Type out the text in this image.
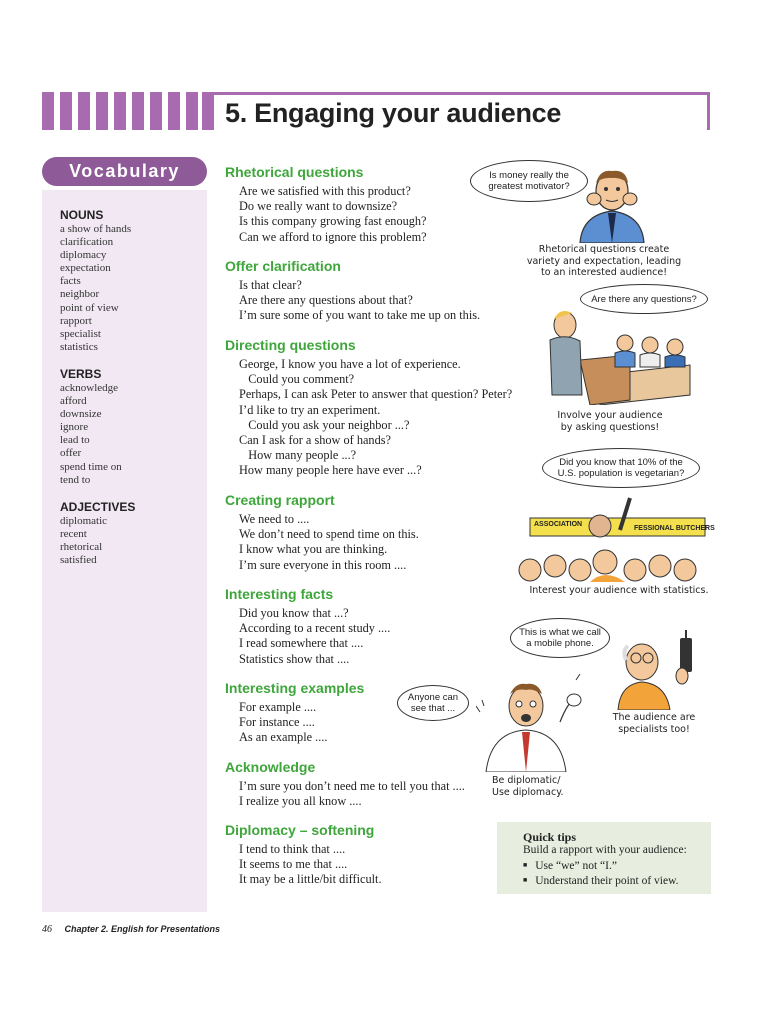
5. Engaging your audience
Vocabulary
NOUNS
a show of hands
clarification
diplomacy
expectation
facts
neighbor
point of view
rapport
specialist
statistics
VERBS
acknowledge
afford
downsize
ignore
lead to
offer
spend time on
tend to
ADJECTIVES
diplomatic
recent
rhetorical
satisfied
Rhetorical questions
Are we satisfied with this product?
Do we really want to downsize?
Is this company growing fast enough?
Can we afford to ignore this problem?
Offer clarification
Is that clear?
Are there any questions about that?
I’m sure some of you want to take me up on this.
Directing questions
George, I know you have a lot of experience.
Could you comment?
Perhaps, I can ask Peter to answer that question? Peter?
I’d like to try an experiment.
Could you ask your neighbor ...?
Can I ask for a show of hands?
How many people ...?
How many people here have ever ...?
Creating rapport
We need to ....
We don’t need to spend time on this.
I know what you are thinking.
I’m sure everyone in this room ....
Interesting facts
Did you know that ...?
According to a recent study ....
I read somewhere that ....
Statistics show that ....
Interesting examples
For example ....
For instance ....
As an example ....
Acknowledge
I’m sure you don’t need me to tell you that ....
I realize you all know ....
Diplomacy – softening
I tend to think that ....
It seems to me that ....
It may be a little/bit difficult.
Is money really the greatest motivator?
Rhetorical questions create
variety and expectation, leading
to an interested audience!
Are there any questions?
Involve your audience
by asking questions!
Did you know that 10% of the U.S. population is vegetarian?
ASSOCIATION
FESSIONAL BUTCHERS
Interest your audience with statistics.
This is what we call a mobile phone.
The audience are
specialists too!
Anyone can see that ...
Be diplomatic/
Use diplomacy.
Quick tips
Build a rapport with your audience:
■ Use “we” not “I.”
■ Understand their point of view.
46 Chapter 2. English for Presentations
